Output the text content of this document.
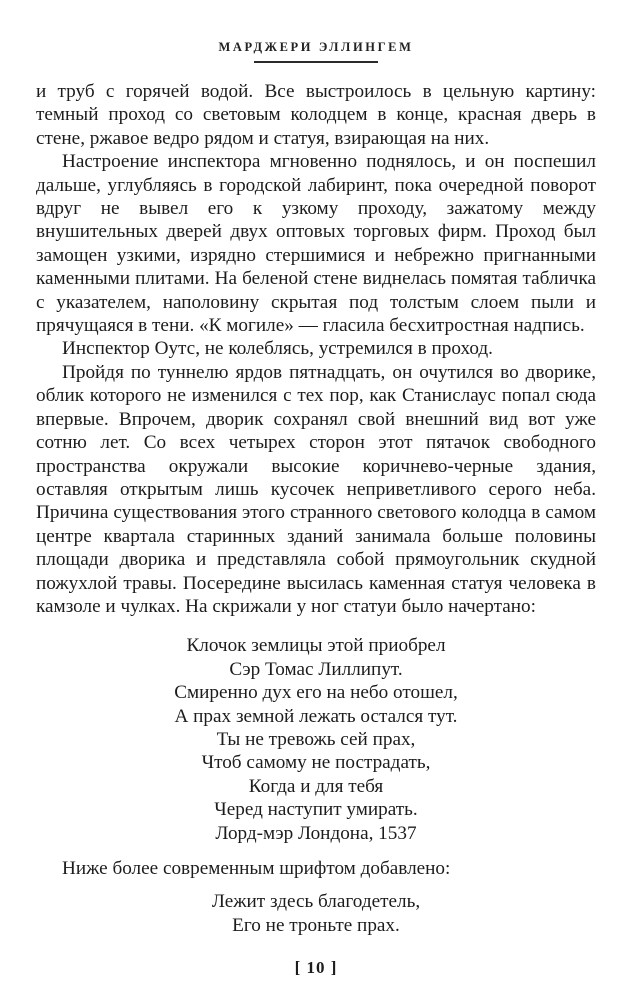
МАРДЖЕРИ ЭЛЛИНГЕМ

и труб с горячей водой. Все выстроилось в цельную картину: темный проход со световым колодцем в конце, красная дверь в стене, ржавое ведро рядом и статуя, взирающая на них.

Настроение инспектора мгновенно поднялось, и он поспешил дальше, углубляясь в городской лабиринт, пока очередной поворот вдруг не вывел его к узкому проходу, зажатому между внушительных дверей двух оптовых торговых фирм. Проход был замощен узкими, изрядно стершимися и небрежно пригнанными каменными плитами. На беленой стене виднелась помятая табличка с указателем, наполовину скрытая под толстым слоем пыли и прячущаяся в тени. «К могиле» — гласила бесхитростная надпись.

Инспектор Оутс, не колеблясь, устремился в проход.

Пройдя по туннелю ярдов пятнадцать, он очутился во дворике, облик которого не изменился с тех пор, как Станислаус попал сюда впервые. Впрочем, дворик сохранял свой внешний вид вот уже сотню лет. Со всех четырех сторон этот пятачок свободного пространства окружали высокие коричнево-черные здания, оставляя открытым лишь кусочек неприветливого серого неба. Причина существования этого странного светового колодца в самом центре квартала старинных зданий занимала больше половины площади дворика и представляла собой прямоугольник скудной пожухлой травы. Посередине высилась каменная статуя человека в камзоле и чулках. На скрижали у ног статуи было начертано:

Клочок землицы этой приобрел
Сэр Томас Лиллипут.
Смиренно дух его на небо отошел,
А прах земной лежать остался тут.
Ты не тревожь сей прах,
Чтоб самому не пострадать,
Когда и для тебя
Черед наступит умирать.
Лорд-мэр Лондона, 1537

Ниже более современным шрифтом добавлено:

Лежит здесь благодетель,
Его не троньте прах.
[ 10 ]
